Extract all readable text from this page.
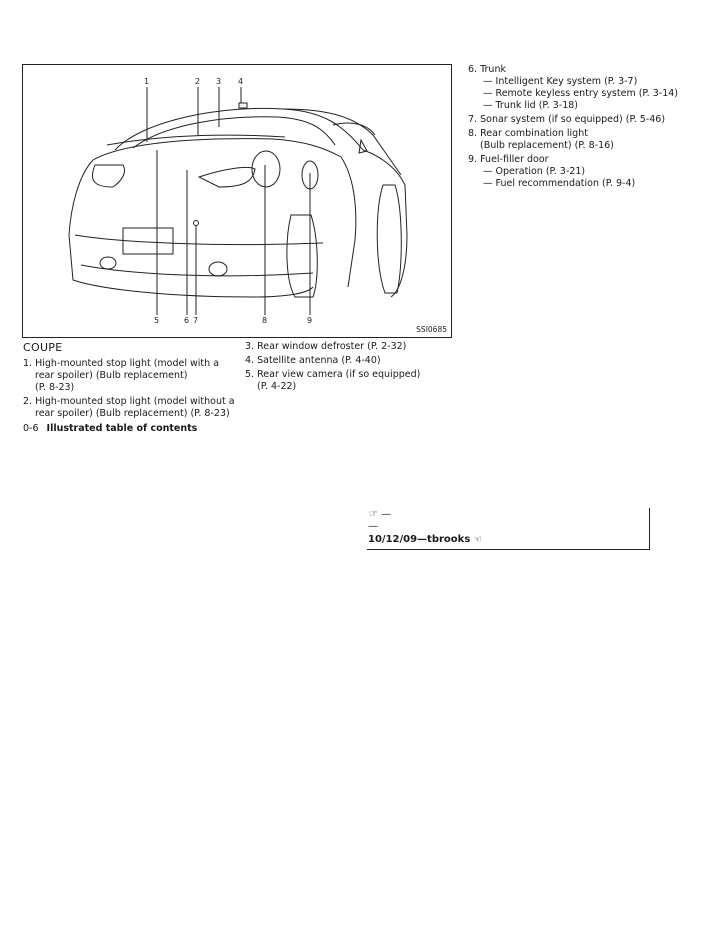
1	2 3 4
5	6 7	8	9
SSI0685
COUPE
1. High-mounted stop light (model with a
rear spoiler) (Bulb replacement)
(P. 8-23)
2. High-mounted stop light (model without a
rear spoiler) (Bulb replacement) (P. 8-23)
3. Rear window defroster (P. 2-32)
4. Satellite antenna (P. 4-40)
5. Rear view camera (if so equipped)
(P. 4-22)
6. Trunk
— Intelligent Key system (P. 3-7)
— Remote keyless entry system (P. 3-14)
— Trunk lid (P. 3-18)
7. Sonar system (if so equipped) (P. 5-46)
8. Rear combination light
(Bulb replacement) (P. 8-16)
9. Fuel-filler door
— Operation (P. 3-21)
— Fuel recommendation (P. 9-4)
0-6 Illustrated table of contents
☞ —
—
10/12/09—tbrooks ☜
